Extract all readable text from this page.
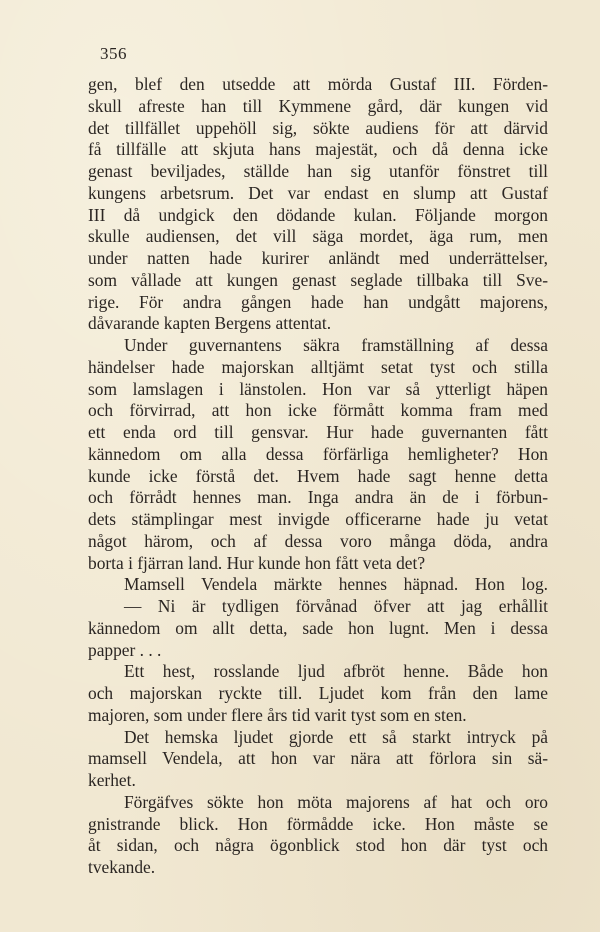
356
gen, blef den utsedde att mörda Gustaf III. Förden-
skull afreste han till Kymmene gård, där kungen vid
det tillfället uppehöll sig, sökte audiens för att därvid
få tillfälle att skjuta hans majestät, och då denna icke
genast beviljades, ställde han sig utanför fönstret till
kungens arbetsrum. Det var endast en slump att Gustaf
III då undgick den dödande kulan. Följande morgon
skulle audiensen, det vill säga mordet, äga rum, men
under natten hade kurirer anländt med underrättelser,
som vållade att kungen genast seglade tillbaka till Sve-
rige. För andra gången hade han undgått majorens,
dåvarande kapten Bergens attentat.
Under guvernantens säkra framställning af dessa
händelser hade majorskan alltjämt setat tyst och stilla
som lamslagen i länstolen. Hon var så ytterligt häpen
och förvirrad, att hon icke förmått komma fram med
ett enda ord till gensvar. Hur hade guvernanten fått
kännedom om alla dessa förfärliga hemligheter? Hon
kunde icke förstå det. Hvem hade sagt henne detta
och förrådt hennes man. Inga andra än de i förbun-
dets stämplingar mest invigde officerarne hade ju vetat
något härom, och af dessa voro många döda, andra
borta i fjärran land. Hur kunde hon fått veta det?
Mamsell Vendela märkte hennes häpnad. Hon log.
— Ni är tydligen förvånad öfver att jag erhållit
kännedom om allt detta, sade hon lugnt. Men i dessa
papper . . .
Ett hest, rosslande ljud afbröt henne. Både hon
och majorskan ryckte till. Ljudet kom från den lame
majoren, som under flere års tid varit tyst som en sten.
Det hemska ljudet gjorde ett så starkt intryck på
mamsell Vendela, att hon var nära att förlora sin sä-
kerhet.
Förgäfves sökte hon möta majorens af hat och oro
gnistrande blick. Hon förmådde icke. Hon måste se
åt sidan, och några ögonblick stod hon där tyst och
tvekande.
